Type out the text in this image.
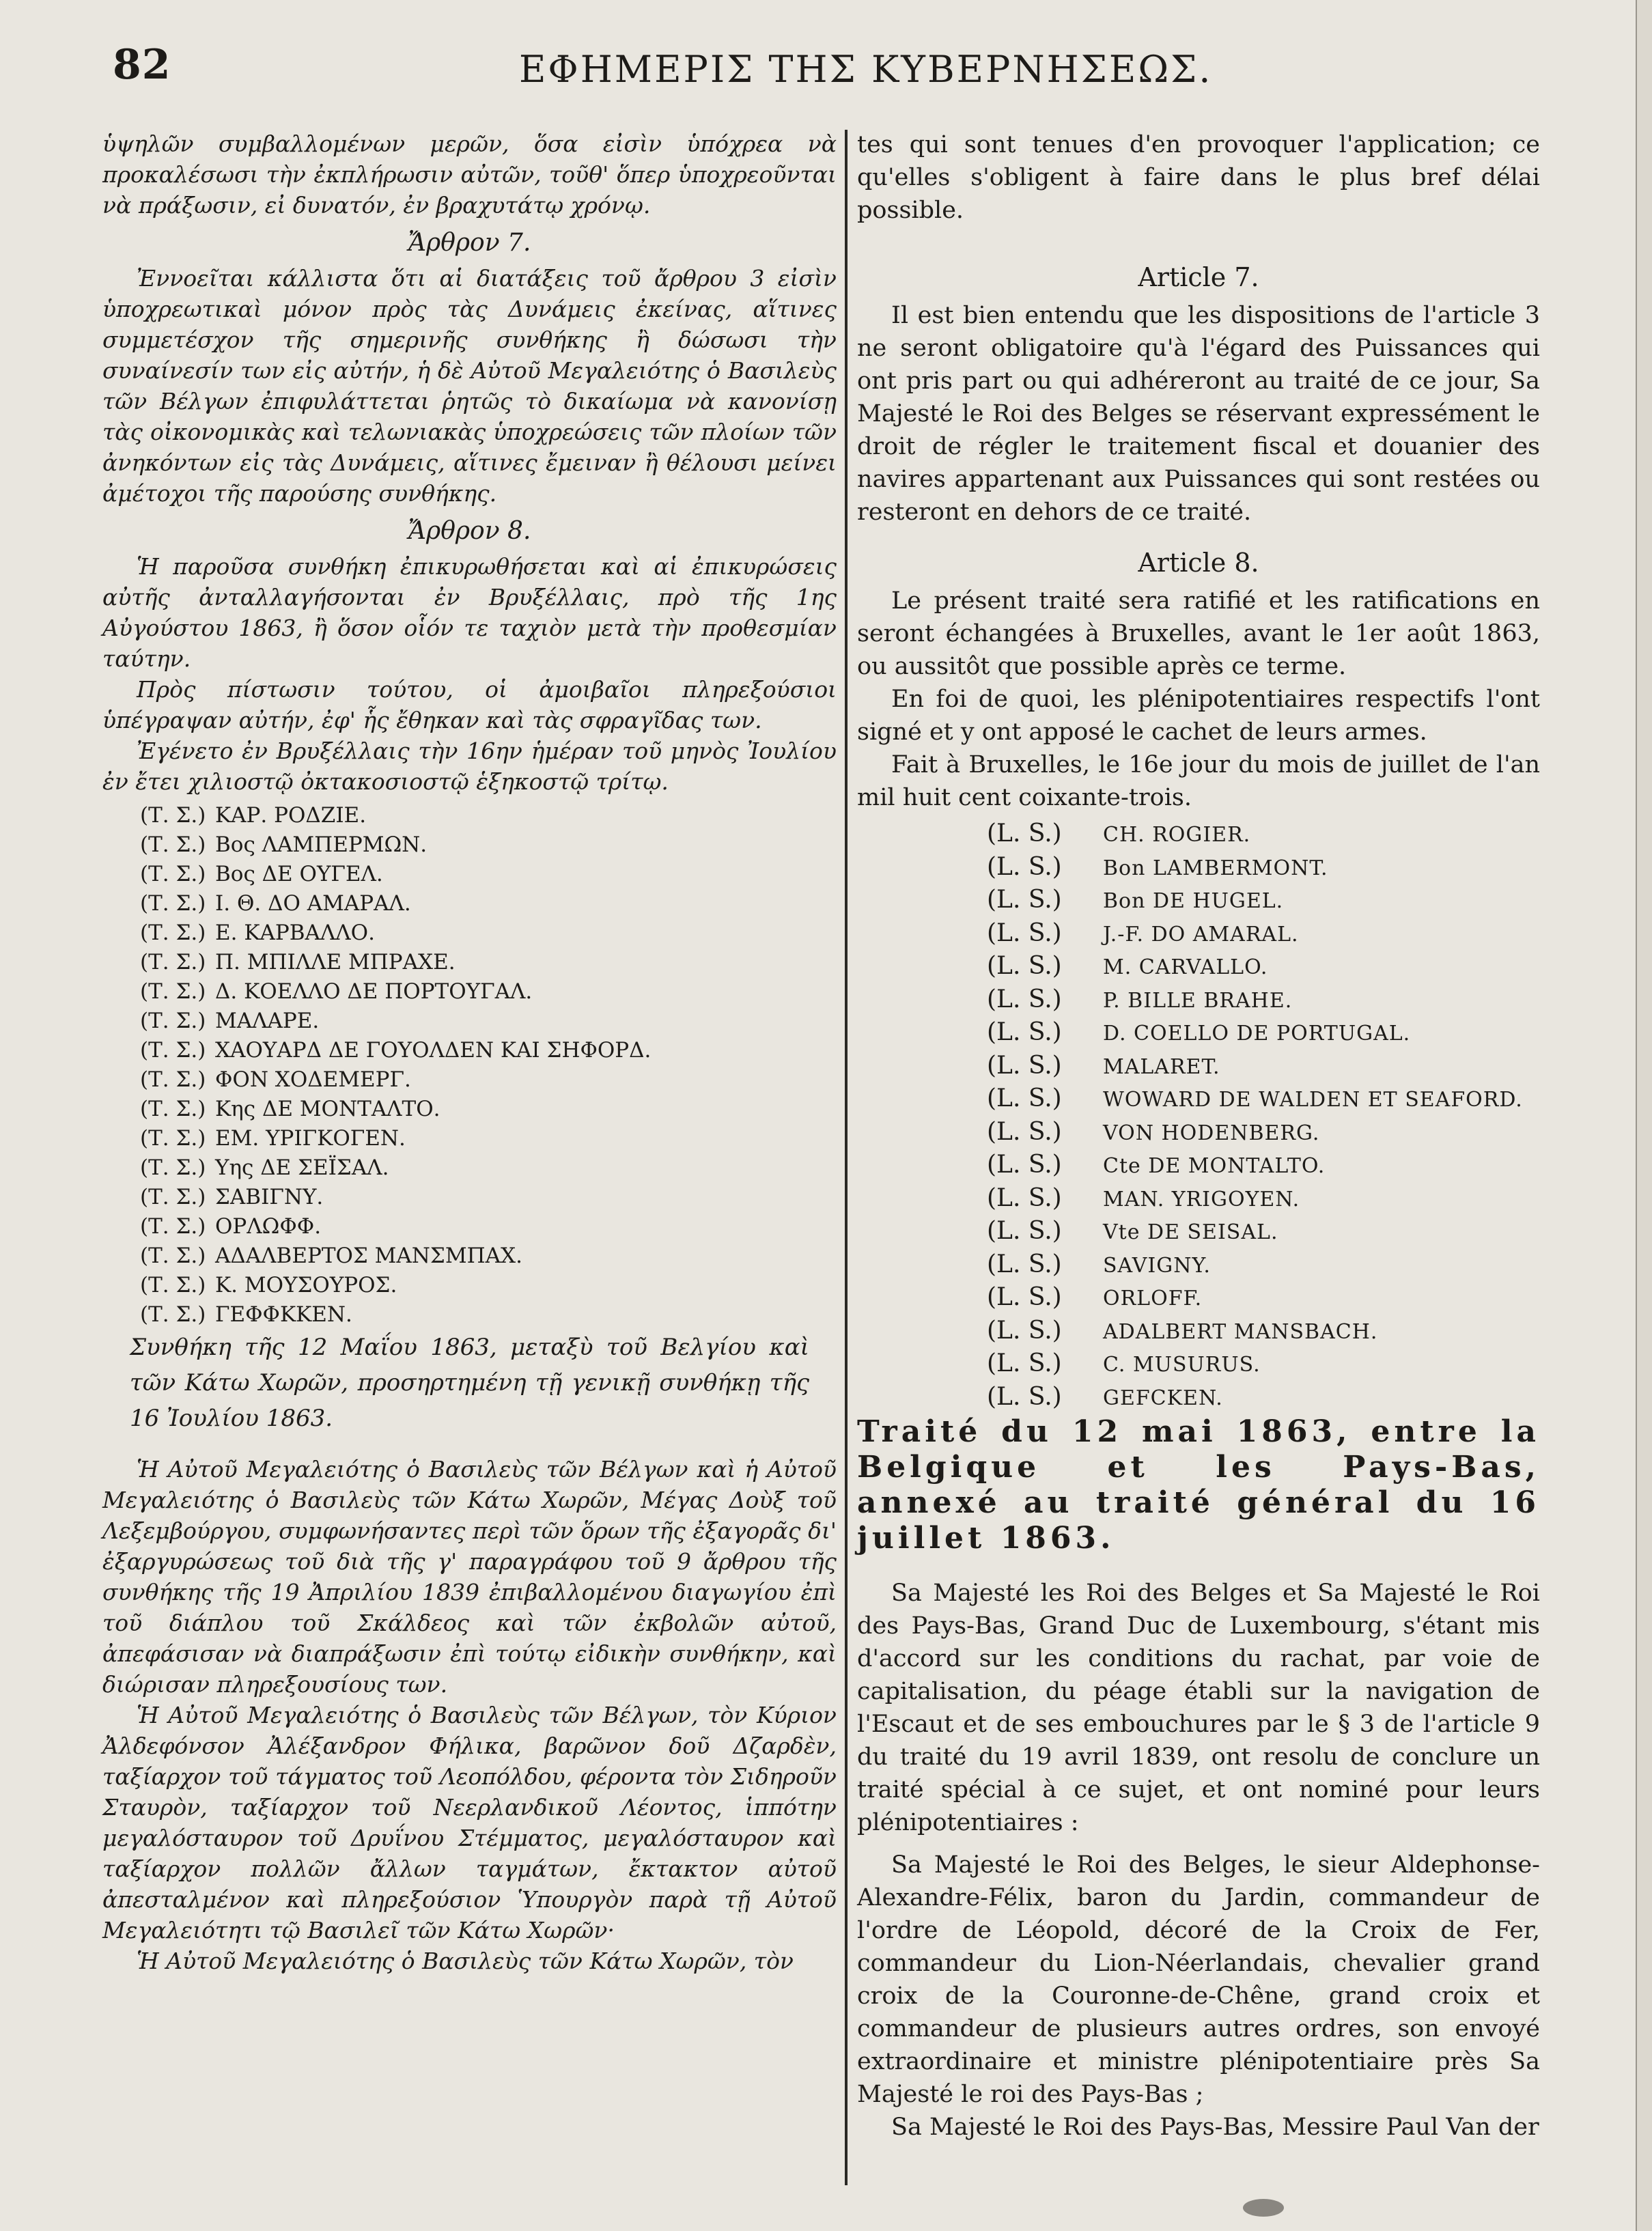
82	ΕΦΗΜΕΡΙΣ ΤΗΣ ΚΥΒΕΡΝΗΣΕΩΣ.

ὑψηλῶν συμβαλλομένων μερῶν, ὅσα εἰσὶν ὑπόχρεα νὰ προκαλέσωσι τὴν ἐκπλήρωσιν αὐτῶν, τοῦθ' ὅπερ ὑποχρεοῦνται νὰ πράξωσιν, εἰ δυνατόν, ἐν βραχυτάτῳ χρόνῳ.

Ἄρθρον 7.

Ἐννοεῖται κάλλιστα ὅτι αἱ διατάξεις τοῦ ἄρθρου 3 εἰσὶν ὑποχρεωτικαὶ μόνον πρὸς τὰς Δυνάμεις ἐκείνας, αἵτινες συμμετέσχον τῆς σημερινῆς συνθήκης ἢ δώσωσι τὴν συναίνεσίν των εἰς αὐτήν, ἡ δὲ Αὐτοῦ Μεγαλειότης ὁ Βασιλεὺς τῶν Βέλγων ἐπιφυλάττεται ῥητῶς τὸ δικαίωμα νὰ κανονίσῃ τὰς οἰκονομικὰς καὶ τελωνιακὰς ὑποχρεώσεις τῶν πλοίων τῶν ἀνηκόντων εἰς τὰς Δυνάμεις, αἵτινες ἔμειναν ἢ θέλουσι μείνει ἀμέτοχοι τῆς παρούσης συνθήκης.

Ἄρθρον 8.

Ἡ παροῦσα συνθήκη ἐπικυρωθήσεται καὶ αἱ ἐπικυρώσεις αὐτῆς ἀνταλλαγήσονται ἐν Βρυξέλλαις, πρὸ τῆς 1ης Αὐγούστου 1863, ἢ ὅσον οἷόν τε ταχιὸν μετὰ τὴν προθεσμίαν ταύτην.

Πρὸς πίστωσιν τούτου, οἱ ἀμοιβαῖοι πληρεξούσιοι ὑπέγραψαν αὐτήν, ἐφ' ἧς ἔθηκαν καὶ τὰς σφραγῖδας των.

Ἐγένετο ἐν Βρυξέλλαις τὴν 16ην ἡμέραν τοῦ μηνὸς Ἰουλίου ἐν ἔτει χιλιοστῷ ὀκτακοσιοστῷ ἑξηκοστῷ τρίτῳ.

(Τ. Σ.) ΚΑΡ. ΡΟΔΖΙΕ.
(Τ. Σ.) Βος ΛΑΜΠΕΡΜΩΝ.
(Τ. Σ.) Βος ΔΕ ΟΥΓΕΛ.
(Τ. Σ.) Ι. Θ. ΔΟ ΑΜΑΡΑΛ.
(Τ. Σ.) Ε. ΚΑΡΒΑΛΛΟ.
(Τ. Σ.) Π. ΜΠΙΛΛΕ ΜΠΡΑΧΕ.
(Τ. Σ.) Δ. ΚΟΕΛΛΟ ΔΕ ΠΟΡΤΟΥΓΑΛ.
(Τ. Σ.) ΜΑΛΑΡΕ.
(Τ. Σ.) ΧΑΟΥΑΡΔ ΔΕ ΓΟΥΟΛΔΕΝ ΚΑΙ ΣΗΦΟΡΔ.
(Τ. Σ.) ΦΟΝ ΧΟΔΕΜΕΡΓ.
(Τ. Σ.) Κης ΔΕ ΜΟΝΤΑΛΤΟ.
(Τ. Σ.) ΕΜ. ΥΡΙΓΚΟΓΕΝ.
(Τ. Σ.) Υης ΔΕ ΣΕΪΣΑΛ.
(Τ. Σ.) ΣΑΒΙΓΝΥ.
(Τ. Σ.) ΟΡΛΩΦΦ.
(Τ. Σ.) ΑΔΑΛΒΕΡΤΟΣ ΜΑΝΣΜΠΑΧ.
(Τ. Σ.) Κ. ΜΟΥΣΟΥΡΟΣ.
(Τ. Σ.) ΓΕΦΦΚΚΕΝ.

Συνθήκη τῆς 12 Μαΐου 1863, μεταξὺ τοῦ Βελγίου καὶ τῶν Κάτω Χωρῶν, προσηρτημένη τῇ γενικῇ συνθήκῃ τῆς 16 Ἰουλίου 1863.

Ἡ Αὐτοῦ Μεγαλειότης ὁ Βασιλεὺς τῶν Βέλγων καὶ ἡ Αὐτοῦ Μεγαλειότης ὁ Βασιλεὺς τῶν Κάτω Χωρῶν, Μέγας Δοὺξ τοῦ Λεξεμβούργου, συμφωνήσαντες περὶ τῶν ὅρων τῆς ἐξαγορᾶς δι' ἐξαργυρώσεως τοῦ διὰ τῆς γ' παραγράφου τοῦ 9 ἄρθρου τῆς συνθήκης τῆς 19 Ἀπριλίου 1839 ἐπιβαλλομένου διαγωγίου ἐπὶ τοῦ διάπλου τοῦ Σκάλδεος καὶ τῶν ἐκβολῶν αὐτοῦ, ἀπεφάσισαν νὰ διαπράξωσιν ἐπὶ τούτῳ εἰδικὴν συνθήκην, καὶ διώρισαν πληρεξουσίους των.

Ἡ Αὐτοῦ Μεγαλειότης ὁ Βασιλεὺς τῶν Βέλγων, τὸν Κύριον Ἀλδεφόνσον Ἀλέξανδρον Φήλικα, βαρῶνον δοῦ Δζαρδὲν, ταξίαρχον τοῦ τάγματος τοῦ Λεοπόλδου, φέροντα τὸν Σιδηροῦν Σταυρὸν, ταξίαρχον τοῦ Νεερλανδικοῦ Λέοντος, ἱππότην μεγαλόσταυρον τοῦ Δρυΐνου Στέμματος, μεγαλόσταυρον καὶ ταξίαρχον πολλῶν ἄλλων ταγμάτων, ἔκτακτον αὐτοῦ ἀπεσταλμένον καὶ πληρεξούσιον Ὑπουργὸν παρὰ τῇ Αὐτοῦ Μεγαλειότητι τῷ Βασιλεῖ τῶν Κάτω Χωρῶν·

Ἡ Αὐτοῦ Μεγαλειότης ὁ Βασιλεὺς τῶν Κάτω Χωρῶν, τὸν

tes qui sont tenues d'en provoquer l'application; ce qu'elles s'obligent à faire dans le plus bref délai possible.

Article 7.

Il est bien entendu que les dispositions de l'article 3 ne seront obligatoire qu'à l'égard des Puissances qui ont pris part ou qui adhéreront au traité de ce jour, Sa Majesté le Roi des Belges se réservant expressément le droit de régler le traitement fiscal et douanier des navires appartenant aux Puissances qui sont restées ou resteront en dehors de ce traité.

Article 8.

Le présent traité sera ratifié et les ratifications en seront échangées à Bruxelles, avant le 1er août 1863, ou aussitôt que possible après ce terme.

En foi de quoi, les plénipotentiaires respectifs l'ont signé et y ont apposé le cachet de leurs armes.

Fait à Bruxelles, le 16e jour du mois de juillet de l'an mil huit cent coixante-trois.

(L. S.)	CH. ROGIER.
(L. S.)	Bon LAMBERMONT.
(L. S.)	Bon DE HUGEL.
(L. S.)	J.-F. DO AMARAL.
(L. S.)	M. CARVALLO.
(L. S.)	P. BILLE BRAHE.
(L. S.)	D. COELLO DE PORTUGAL.
(L. S.)	MALARET.
(L. S.)	WOWARD DE WALDEN ET SEAFORD.
(L. S.)	VON HODENBERG.
(L. S.)	Cte DE MONTALTO.
(L. S.)	MAN. YRIGOYEN.
(L. S.)	Vte DE SEISAL.
(L. S.)	SAVIGNY.
(L. S.)	ORLOFF.
(L. S.)	ADALBERT MANSBACH.
(L. S.)	C. MUSURUS.
(L. S.)	GEFCKEN.

Traité du 12 mai 1863, entre la Belgique et les Pays-Bas, annexé au traité général du 16 juillet 1863.

Sa Majesté les Roi des Belges et Sa Majesté le Roi des Pays-Bas, Grand Duc de Luxembourg, s'étant mis d'accord sur les conditions du rachat, par voie de capitalisation, du péage établi sur la navigation de l'Escaut et de ses embouchures par le § 3 de l'article 9 du traité du 19 avril 1839, ont resolu de conclure un traité spécial à ce sujet, et ont nominé pour leurs plénipotentiaires :

Sa Majesté le Roi des Belges, le sieur Aldephonse-Alexandre-Félix, baron du Jardin, commandeur de l'ordre de Léopold, décoré de la Croix de Fer, commandeur du Lion-Néerlandais, chevalier grand croix de la Couronne-de-Chêne, grand croix et commandeur de plusieurs autres ordres, son envoyé extraordinaire et ministre plénipotentiaire près Sa Majesté le roi des Pays-Bas ;

Sa Majesté le Roi des Pays-Bas, Messire Paul Van der
